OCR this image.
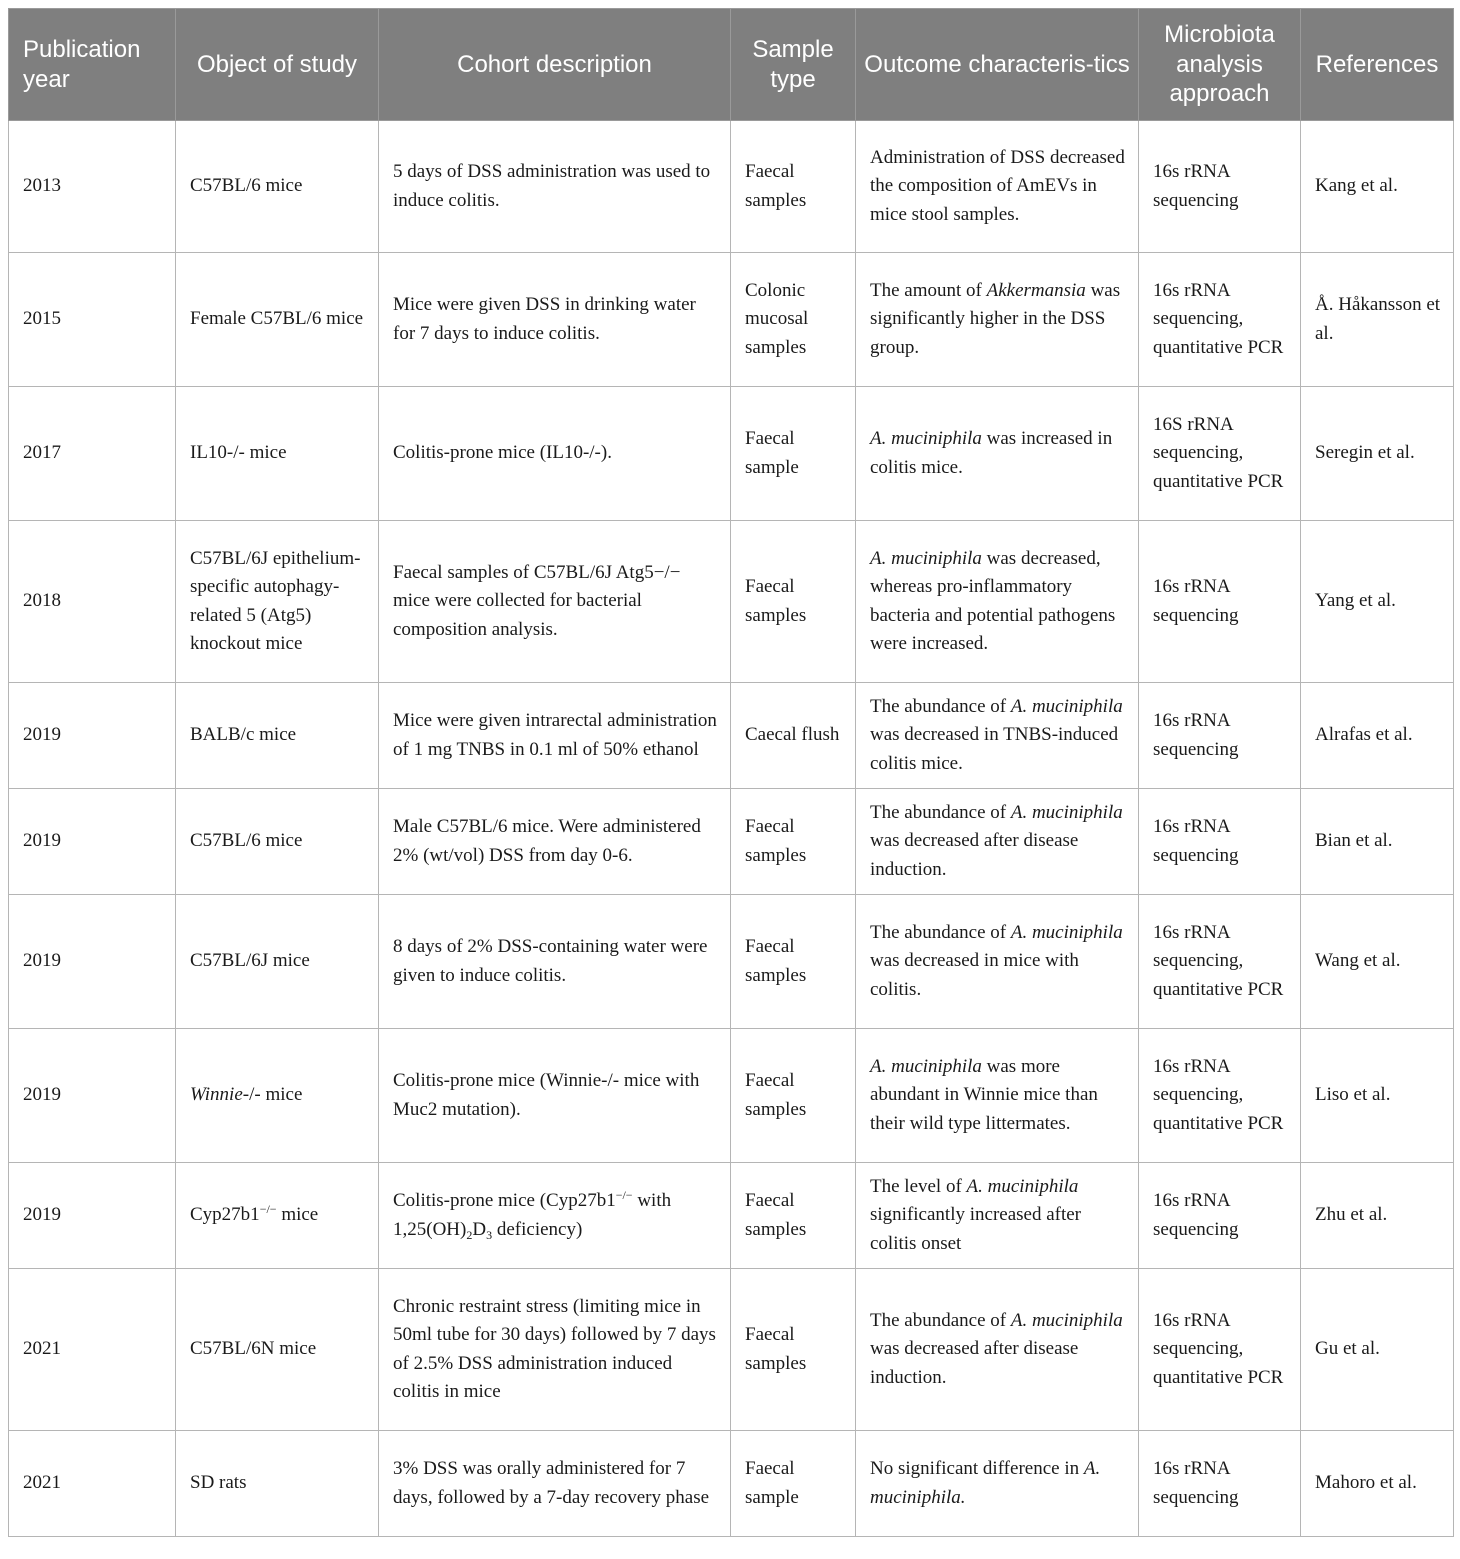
Publication year	Object of study	Cohort description	Sample type	Outcome characteris-tics	Microbiota analysis approach	References
2013	C57BL/6 mice	5 days of DSS administration was used to induce colitis.	Faecal samples	Administration of DSS decreased the composition of AmEVs in mice stool samples.	16s rRNA sequencing	Kang et al.
2015	Female C57BL/6 mice	Mice were given DSS in drinking water for 7 days to induce colitis.	Colonic mucosal samples	The amount of Akkermansia was significantly higher in the DSS group.	16s rRNA sequencing, quantitative PCR	Å. Håkansson et al.
2017	IL10-/- mice	Colitis-prone mice (IL10-/-).	Faecal sample	A. muciniphila was increased in colitis mice.	16S rRNA sequencing, quantitative PCR	Seregin et al.
2018	C57BL/6J epithelium-specific autophagy-related 5 (Atg5) knockout mice	Faecal samples of C57BL/6J Atg5−/− mice were collected for bacterial composition analysis.	Faecal samples	A. muciniphila was decreased, whereas pro-inflammatory bacteria and potential pathogens were increased.	16s rRNA sequencing	Yang et al.
2019	BALB/c mice	Mice were given intrarectal administration of 1 mg TNBS in 0.1 ml of 50% ethanol	Caecal flush	The abundance of A. muciniphila was decreased in TNBS-induced colitis mice.	16s rRNA sequencing	Alrafas et al.
2019	C57BL/6 mice	Male C57BL/6 mice. Were administered 2% (wt/vol) DSS from day 0-6.	Faecal samples	The abundance of A. muciniphila was decreased after disease induction.	16s rRNA sequencing	Bian et al.
2019	C57BL/6J mice	8 days of 2% DSS-containing water were given to induce colitis.	Faecal samples	The abundance of A. muciniphila was decreased in mice with colitis.	16s rRNA sequencing, quantitative PCR	Wang et al.
2019	Winnie-/- mice	Colitis-prone mice (Winnie-/- mice with Muc2 mutation).	Faecal samples	A. muciniphila was more abundant in Winnie mice than their wild type littermates.	16s rRNA sequencing, quantitative PCR	Liso et al.
2019	Cyp27b1−/− mice	Colitis-prone mice (Cyp27b1−/− with $1,25(OH)_2D_3$ deficiency)	Faecal samples	The level of A. muciniphila significantly increased after colitis onset	16s rRNA sequencing	Zhu et al.
2021	C57BL/6N mice	Chronic restraint stress (limiting mice in 50ml tube for 30 days) followed by 7 days of 2.5% DSS administration induced colitis in mice	Faecal samples	The abundance of A. muciniphila was decreased after disease induction.	16s rRNA sequencing, quantitative PCR	Gu et al.
2021	SD rats	3% DSS was orally administered for 7 days, followed by a 7-day recovery phase	Faecal sample	No significant difference in A. muciniphila.	16s rRNA sequencing	Mahoro et al.
